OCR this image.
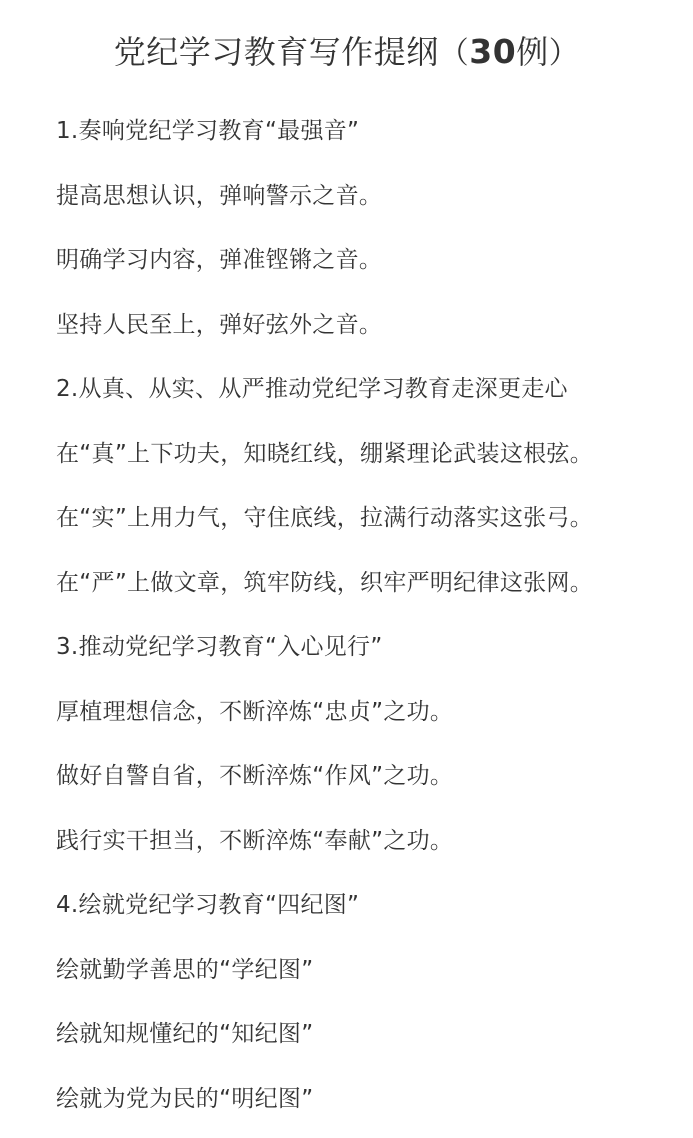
党纪学习教育写作提纲（30例）
1.奏响党纪学习教育“最强音”
提高思想认识，弹响警示之音。
明确学习内容，弹准铿锵之音。
坚持人民至上，弹好弦外之音。
2.从真、从实、从严推动党纪学习教育走深更走心
在“真”上下功夫，知晓红线，绷紧理论武装这根弦。
在“实”上用力气，守住底线，拉满行动落实这张弓。
在“严”上做文章，筑牢防线，织牢严明纪律这张网。
3.推动党纪学习教育“入心见行”
厚植理想信念，不断淬炼“忠贞”之功。
做好自警自省，不断淬炼“作风”之功。
践行实干担当，不断淬炼“奉献”之功。
4.绘就党纪学习教育“四纪图”
绘就勤学善思的“学纪图”
绘就知规懂纪的“知纪图”
绘就为党为民的“明纪图”
